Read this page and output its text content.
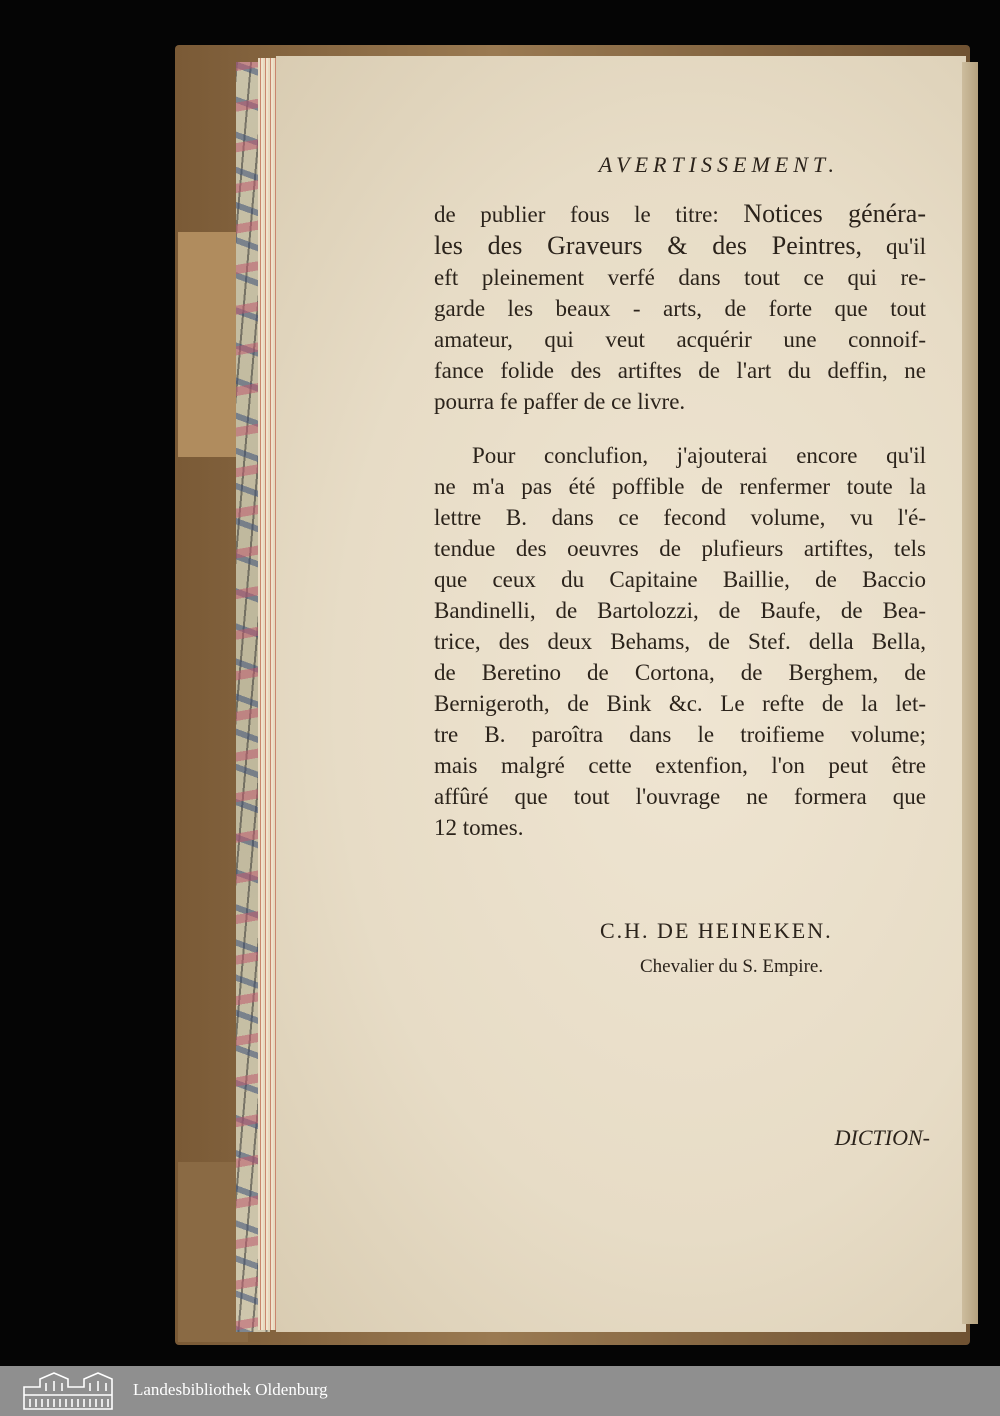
AVERTISSEMENT.
de publier fous le titre: Notices généra-
les des Graveurs & des Peintres, qu'il
eft pleinement verfé dans tout ce qui re-
garde les beaux - arts, de forte que tout
amateur, qui veut acquérir une connoif-
fance folide des artiftes de l'art du deffin, ne
pourra fe paffer de ce livre.
Pour conclufion, j'ajouterai encore qu'il
ne m'a pas été poffible de renfermer toute la
lettre B. dans ce fecond volume, vu l'é-
tendue des oeuvres de plufieurs artiftes, tels
que ceux du Capitaine Baillie, de Baccio
Bandinelli, de Bartolozzi, de Baufe, de Bea-
trice, des deux Behams, de Stef. della Bella,
de Beretino de Cortona, de Berghem, de
Bernigeroth, de Bink &c. Le refte de la let-
tre B. paroîtra dans le troifieme volume;
mais malgré cette extenfion, l'on peut être
affûré que tout l'ouvrage ne formera que
12 tomes.
C.H. DE HEINEKEN.
Chevalier du S. Empire.
DICTION-
Landesbibliothek Oldenburg
